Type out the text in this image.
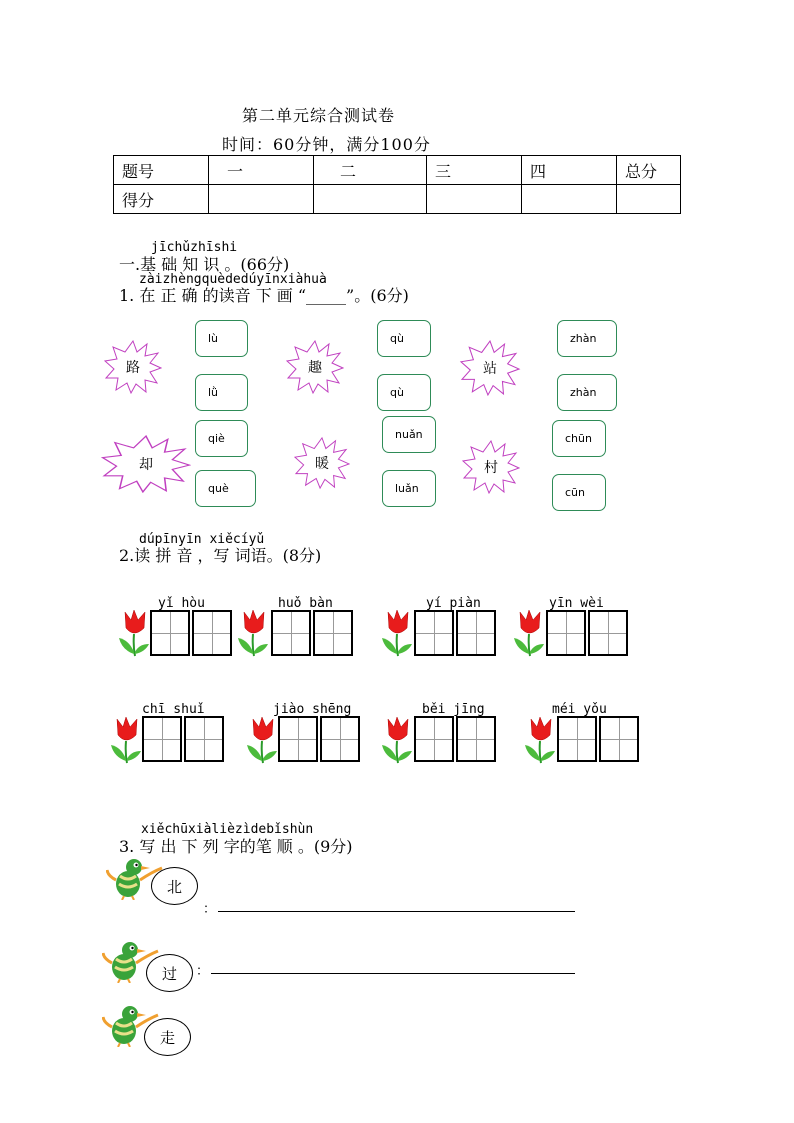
第二单元综合测试卷
时间：60分钟，满分100分
题号	一	二	三	四	总分
得分					
jīchǔzhīshi
一.基 础 知 识 。(66分)
zàizhèngquèdedúyīnxiàhuà
1. 在 正 确 的读音 下 画 “_____”。(6分)
路	趣	站
却	暖	村
lù
lǜ
qù
qù
zhàn
zhàn
qiè
què
nuǎn
luǎn
chūn
cūn
dúpīnyīn xiěcíyǔ
2.读 拼 音 ，写 词语。(8分)
yǐ hòu	huǒ bàn	yí piàn	yīn wèi
chī shuǐ	jiào shēng	běi jīng	méi yǒu
xiěchūxiàlièzìdebǐshùn
3. 写 出 下 列 字的笔 顺 。(9分)
北
过
走
：
：
